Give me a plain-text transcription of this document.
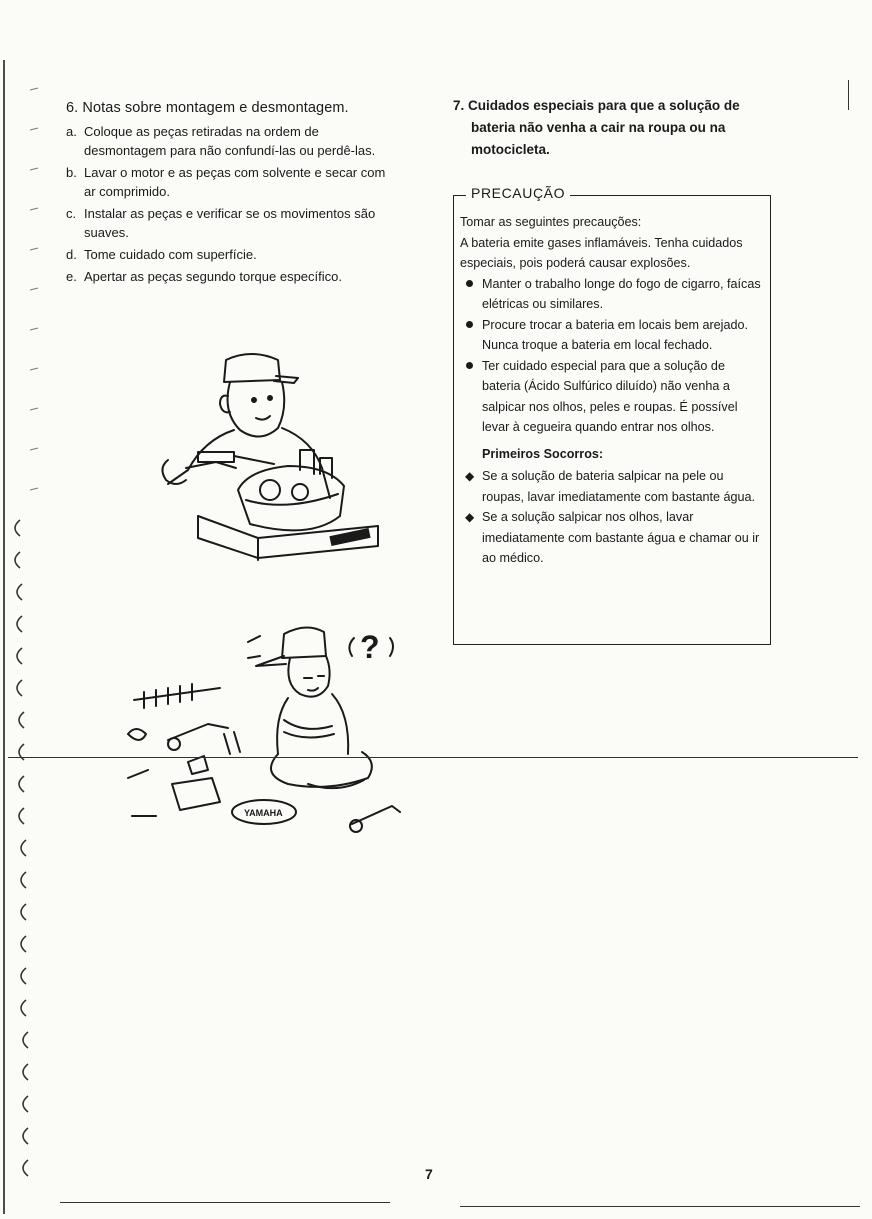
6. Notas sobre montagem e desmontagem.
a. Coloque as peças retiradas na ordem de desmontagem para não confundí-las ou perdê-las.
b. Lavar o motor e as peças com solvente e secar com ar comprimido.
c. Instalar as peças e verificar se os movimentos são suaves.
d. Tome cuidado com superfície.
e. Apertar as peças segundo torque específico.
?
YAMAHA
7. Cuidados especiais para que a solução de bateria não venha a cair na roupa ou na motocicleta.
PRECAUÇÃO

Tomar as seguintes precauções:

A bateria emite gases inflamáveis. Tenha cuidados especiais, pois poderá causar explosões.

Manter o trabalho longe do fogo de cigarro, faícas elétricas ou similares.
Procure trocar a bateria em locais bem arejado. Nunca troque a bateria em local fechado.
Ter cuidado especial para que a solução de bateria (Ácido Sulfúrico diluído) não venha a salpicar nos olhos, peles e roupas. É possível levar à cegueira quando entrar nos olhos.

Primeiros Socorros:

◆ Se a solução de bateria salpicar na pele ou roupas, lavar imediatamente com bastante água.
◆ Se a solução salpicar nos olhos, lavar imediatamente com bastante água e chamar ou ir ao médico.
7
